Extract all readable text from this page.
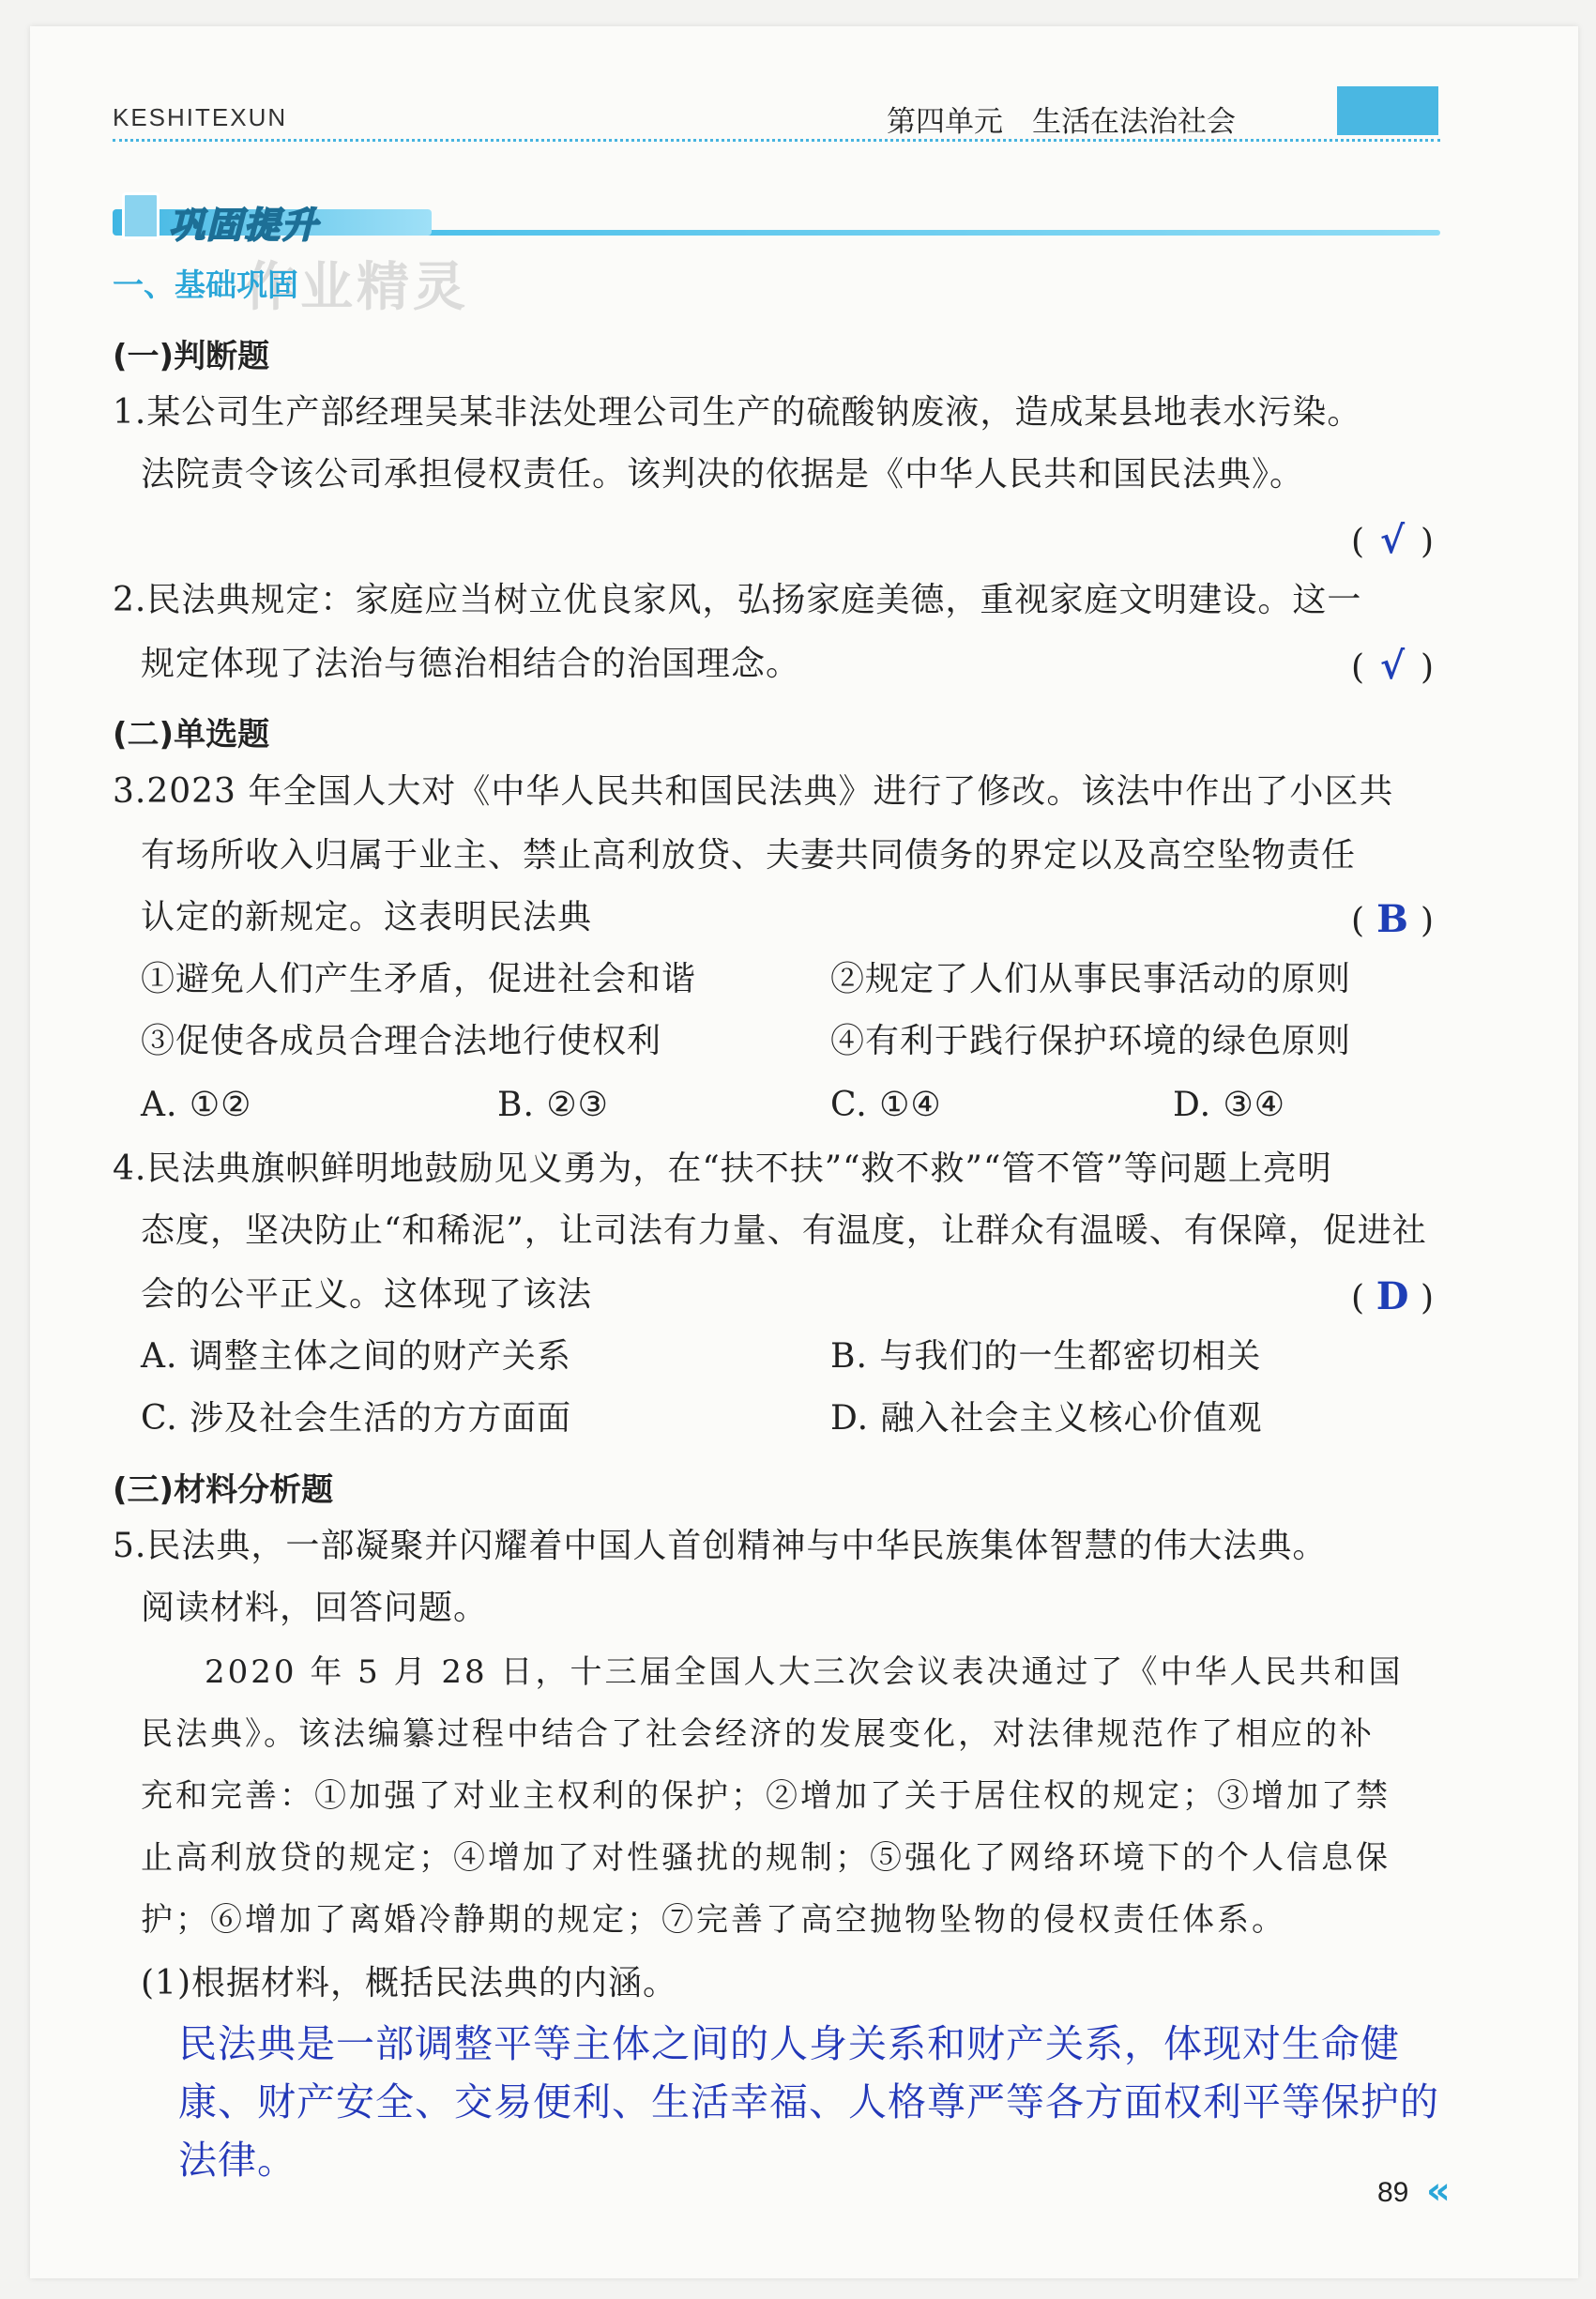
KESHITEXUN	第四单元　生活在法治社会
巩固提升
作业精灵
一、基础巩固
(一)判断题
1.某公司生产部经理吴某非法处理公司生产的硫酸钠废液，造成某县地表水污染。
法院责令该公司承担侵权责任。该判决的依据是《中华人民共和国民法典》。
( √ )
2.民法典规定：家庭应当树立优良家风，弘扬家庭美德，重视家庭文明建设。这一
规定体现了法治与德治相结合的治国理念。	( √ )
(二)单选题
3.2023 年全国人大对《中华人民共和国民法典》进行了修改。该法中作出了小区共
有场所收入归属于业主、禁止高利放贷、夫妻共同债务的界定以及高空坠物责任
认定的新规定。这表明民法典	( B )
①避免人们产生矛盾，促进社会和谐	②规定了人们从事民事活动的原则
③促使各成员合理合法地行使权利	④有利于践行保护环境的绿色原则
A. ①②	B. ②③	C. ①④	D. ③④
4.民法典旗帜鲜明地鼓励见义勇为，在“扶不扶”“救不救”“管不管”等问题上亮明
态度，坚决防止“和稀泥”，让司法有力量、有温度，让群众有温暖、有保障，促进社
会的公平正义。这体现了该法	( D )
A. 调整主体之间的财产关系	B. 与我们的一生都密切相关
C. 涉及社会生活的方方面面	D. 融入社会主义核心价值观
(三)材料分析题
5.民法典，一部凝聚并闪耀着中国人首创精神与中华民族集体智慧的伟大法典。
阅读材料，回答问题。
2020 年 5 月 28 日，十三届全国人大三次会议表决通过了《中华人民共和国
民法典》。该法编纂过程中结合了社会经济的发展变化，对法律规范作了相应的补
充和完善：①加强了对业主权利的保护；②增加了关于居住权的规定；③增加了禁
止高利放贷的规定；④增加了对性骚扰的规制；⑤强化了网络环境下的个人信息保
护；⑥增加了离婚冷静期的规定；⑦完善了高空抛物坠物的侵权责任体系。
(1)根据材料，概括民法典的内涵。
民法典是一部调整平等主体之间的人身关系和财产关系，体现对生命健
康、财产安全、交易便利、生活幸福、人格尊严等各方面权利平等保护的
法律。
89 «
